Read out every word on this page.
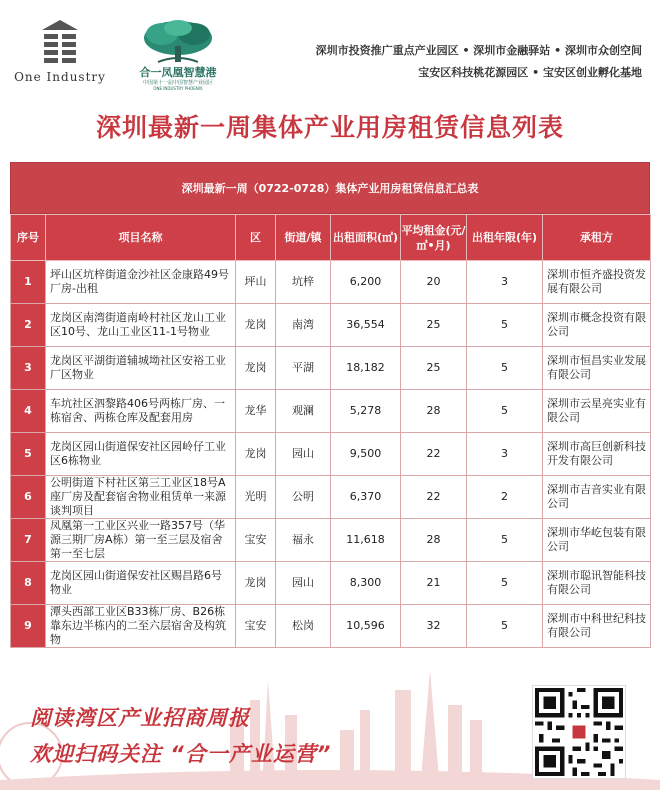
One Industry	合一凤凰智慧港
中国第十一届中国智慧产业园区
ONE INDUSTRY PHOENIX
深圳市投资推广重点产业园区 • 深圳市金融驿站 • 深圳市众创空间
宝安区科技桃花源园区 • 宝安区创业孵化基地
深圳最新一周集体产业用房租赁信息列表
深圳最新一周（0722-0728）集体产业用房租赁信息汇总表
序号	项目名称	区	街道/镇	出租面积(㎡)	平均租金(元/㎡•月)	出租年限(年)	承租方
1	坪山区坑梓街道金沙社区金康路49号厂房-出租	坪山	坑梓	6,200	20	3	深圳市恒齐盛投资发展有限公司
2	龙岗区南湾街道南岭村社区龙山工业区10号、龙山工业区11-1号物业	龙岗	南湾	36,554	25	5	深圳市概念投资有限公司
3	龙岗区平湖街道辅城坳社区安裕工业厂区物业	龙岗	平湖	18,182	25	5	深圳市恒昌实业发展有限公司
4	车坑社区泗黎路406号两栋厂房、一栋宿舍、两栋仓库及配套用房	龙华	观澜	5,278	28	5	深圳市云星亮实业有限公司
5	龙岗区园山街道保安社区园岭仔工业区6栋物业	龙岗	园山	9,500	22	3	深圳市高巨创新科技开发有限公司
6	公明街道下村社区第三工业区18号A座厂房及配套宿舍物业租赁单一来源谈判项目	光明	公明	6,370	22	2	深圳市吉音实业有限公司
7	凤凰第一工业区兴业一路357号（华源三期厂房A栋）第一至三层及宿舍第一至七层	宝安	福永	11,618	28	5	深圳市华屹包装有限公司
8	龙岗区园山街道保安社区赐昌路6号物业	龙岗	园山	8,300	21	5	深圳市聪讯智能科技有限公司
9	潭头西部工业区B33栋厂房、B26栋靠东边半栋内的二至六层宿舍及构筑物	宝安	松岗	10,596	32	5	深圳市中科世纪科技有限公司
阅读湾区产业招商周报
欢迎扫码关注 “合一产业运营”
